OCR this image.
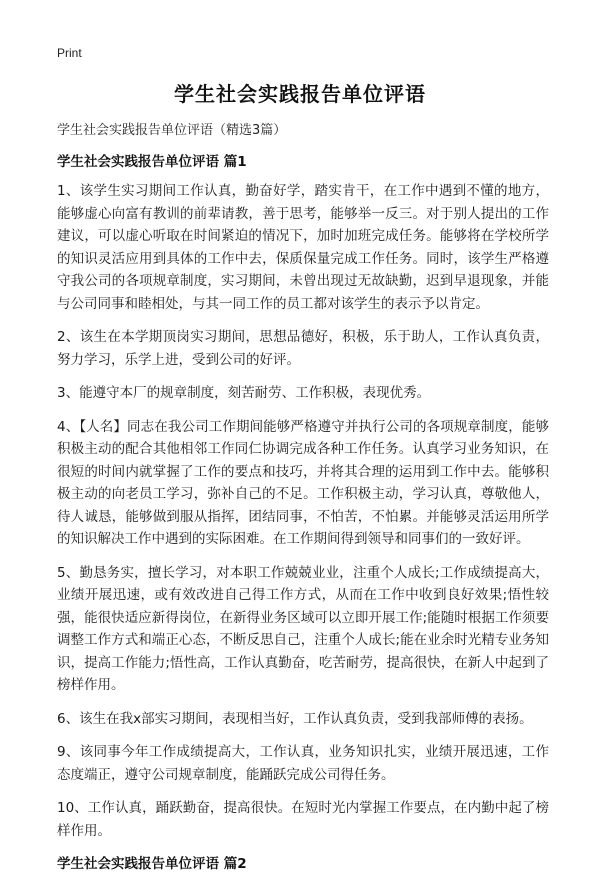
Print
学生社会实践报告单位评语
学生社会实践报告单位评语（精选3篇）
学生社会实践报告单位评语 篇1

1、该学生实习期间工作认真，勤奋好学，踏实肯干，在工作中遇到不懂的地方，能够虚心向富有教训的前辈请教，善于思考，能够举一反三。对于别人提出的工作建议，可以虚心听取在时间紧迫的情况下，加时加班完成任务。能够将在学校所学的知识灵活应用到具体的工作中去，保质保量完成工作任务。同时，该学生严格遵守我公司的各项规章制度，实习期间，未曾出现过无故缺勤，迟到早退现象，并能与公司同事和睦相处，与其一同工作的员工都对该学生的表示予以肯定。

2、该生在本学期顶岗实习期间，思想品德好，积极，乐于助人，工作认真负责，努力学习，乐学上进，受到公司的好评。

3、能遵守本厂的规章制度，刻苦耐劳、工作积极，表现优秀。

4、【人名】同志在我公司工作期间能够严格遵守并执行公司的各项规章制度，能够积极主动的配合其他相邻工作同仁协调完成各种工作任务。认真学习业务知识，在很短的时间内就掌握了工作的要点和技巧，并将其合理的运用到工作中去。能够积极主动的向老员工学习，弥补自己的不足。工作积极主动，学习认真，尊敬他人，待人诚恳，能够做到服从指挥，团结同事，不怕苦，不怕累。并能够灵活运用所学的知识解决工作中遇到的实际困难。在工作期间得到领导和同事们的一致好评。

5、勤恳务实，擅长学习，对本职工作兢兢业业，注重个人成长;工作成绩提高大，业绩开展迅速，或有效改进自己得工作方式，从而在工作中收到良好效果;悟性较强，能很快适应新得岗位，在新得业务区域可以立即开展工作;能随时根据工作须要调整工作方式和端正心态，不断反思自己，注重个人成长;能在业余时光精专业务知识，提高工作能力;悟性高，工作认真勤奋，吃苦耐劳，提高很快，在新人中起到了榜样作用。

6、该生在我x部实习期间，表现相当好，工作认真负责，受到我部师傅的表扬。

9、该同事今年工作成绩提高大，工作认真，业务知识扎实，业绩开展迅速，工作态度端正，遵守公司规章制度，能踊跃完成公司得任务。

10、工作认真，踊跃勤奋，提高很快。在短时光内掌握工作要点，在内勤中起了榜样作用。

学生社会实践报告单位评语 篇2
